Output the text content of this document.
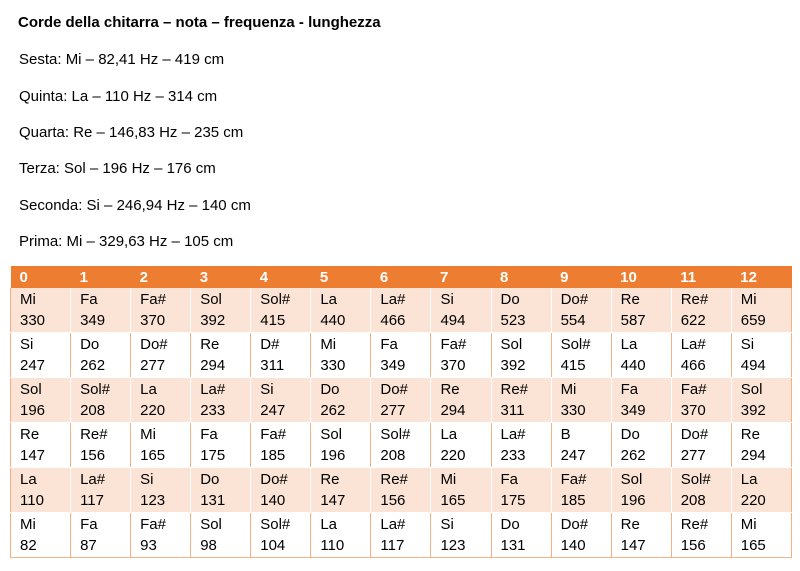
Corde della chitarra – nota – frequenza - lunghezza
Sesta: Mi – 82,41 Hz – 419 cm
Quinta: La – 110 Hz – 314 cm
Quarta: Re – 146,83 Hz – 235 cm
Terza: Sol – 196 Hz – 176 cm
Seconda: Si – 246,94 Hz – 140 cm
Prima: Mi – 329,63 Hz – 105 cm
0	1	2	3	4	5	6	7	8	9	10	11	12

Mi
330	Fa
349	Fa#
370	Sol
392	Sol#
415	La
440	La#
466	Si
494	Do
523	Do#
554	Re
587	Re#
622	Mi
659

Si
247	Do
262	Do#
277	Re
294	D#
311	Mi
330	Fa
349	Fa#
370	Sol
392	Sol#
415	La
440	La#
466	Si
494

Sol
196	Sol#
208	La
220	La#
233	Si
247	Do
262	Do#
277	Re
294	Re#
311	Mi
330	Fa
349	Fa#
370	Sol
392

Re
147	Re#
156	Mi
165	Fa
175	Fa#
185	Sol
196	Sol#
208	La
220	La#
233	B
247	Do
262	Do#
277	Re
294

La
110	La#
117	Si
123	Do
131	Do#
140	Re
147	Re#
156	Mi
165	Fa
175	Fa#
185	Sol
196	Sol#
208	La
220

Mi
82	Fa
87	Fa#
93	Sol
98	Sol#
104	La
110	La#
117	Si
123	Do
131	Do#
140	Re
147	Re#
156	Mi
165
